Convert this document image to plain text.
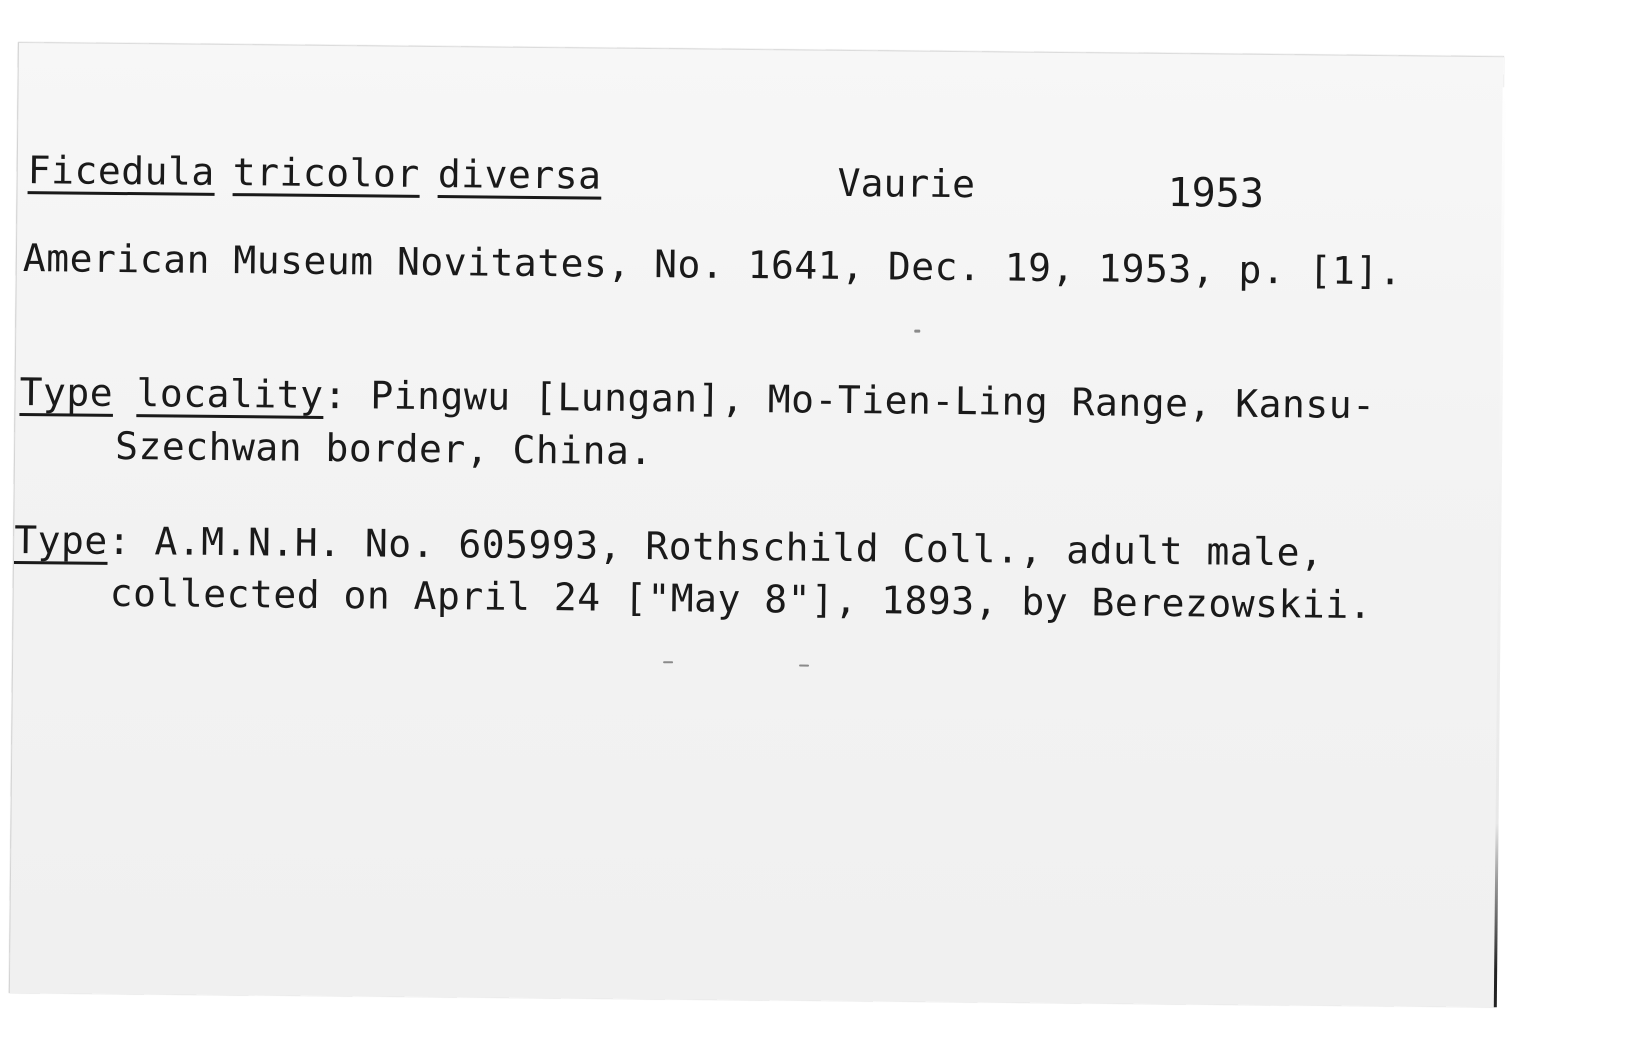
Ficedula tricolor diversa	Vaurie	1953
American Museum Novitates, No. 1641, Dec. 19, 1953, p. [1].
Type locality: Pingwu [Lungan], Mo-Tien-Ling Range, Kansu-
Szechwan border, China.
Type: A.M.N.H. No. 605993, Rothschild Coll., adult male,
collected on April 24 ["May 8"], 1893, by Berezowskii.
